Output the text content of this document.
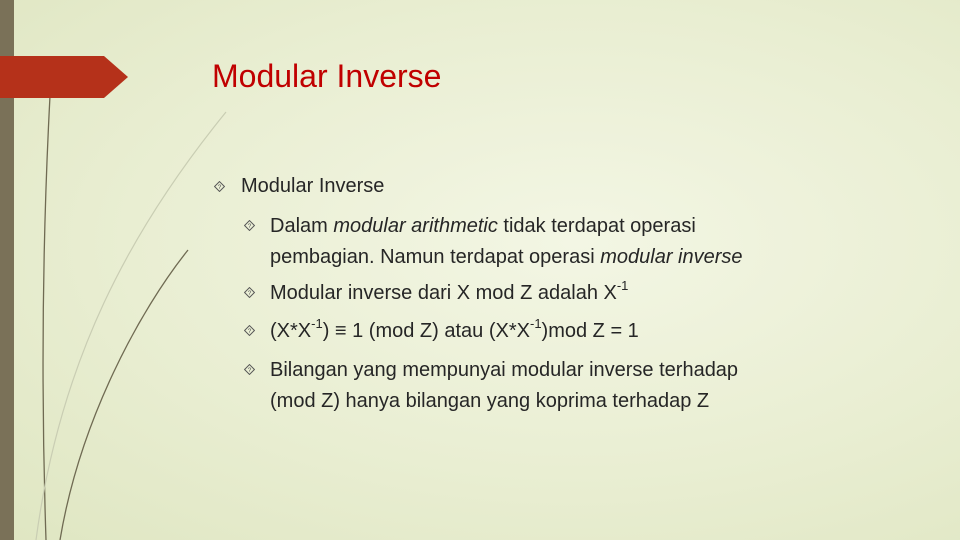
Modular Inverse
? Modular Inverse
? Dalam modular arithmetic tidak terdapat operasi
pembagian. Namun terdapat operasi modular inverse
? Modular inverse dari X mod Z adalah $X^{-1}$
? $(X*X^{-1}) \equiv 1$ (mod Z) atau $(X*X^{-1})mod$ Z = 1
? Bilangan yang mempunyai modular inverse terhadap
(mod Z) hanya bilangan yang koprima terhadap Z
